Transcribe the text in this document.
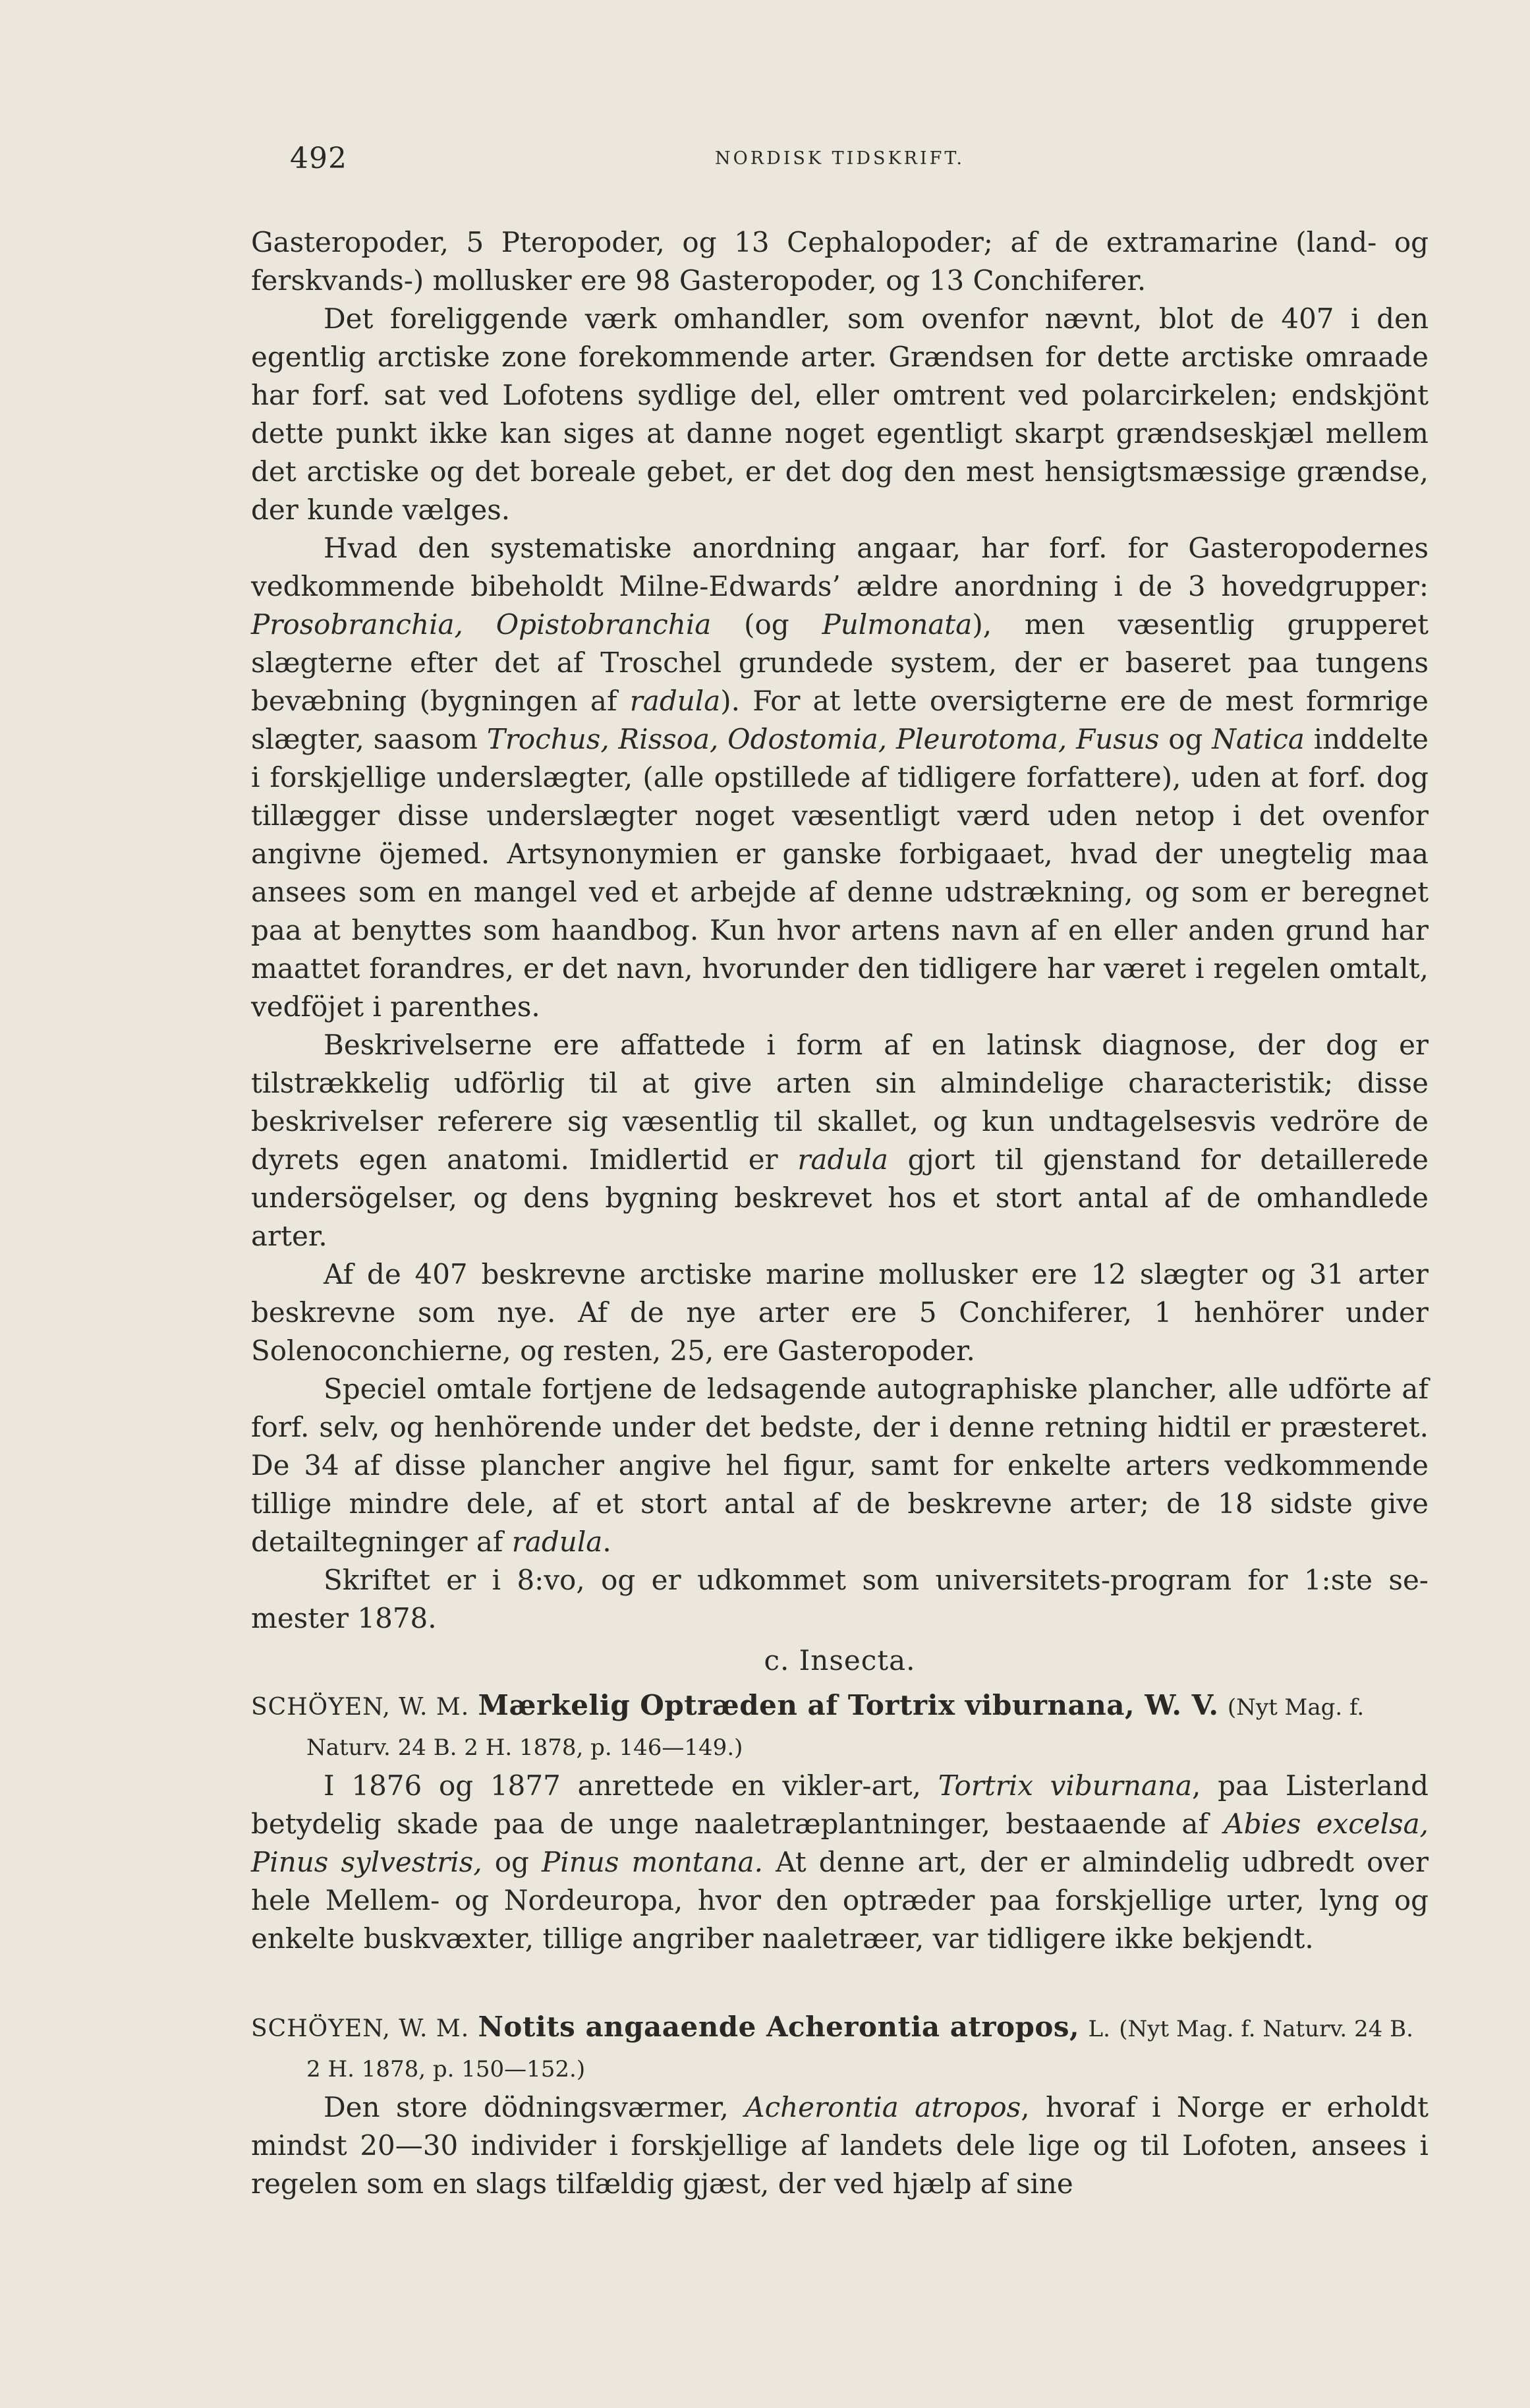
492	NORDISK TIDSKRIFT.

Gasteropoder, 5 Pteropoder, og 13 Cephalopoder; af de extramarine (land- og ferskvands-) mollusker ere 98 Gasteropoder, og 13 Conchiferer.

Det foreliggende værk omhandler, som ovenfor nævnt, blot de 407 i den egentlig arctiske zone forekommende arter. Grændsen for dette arctiske omraade har forf. sat ved Lofotens sydlige del, eller omtrent ved polarcirkelen; endskjönt dette punkt ikke kan siges at danne noget egentligt skarpt grændseskjæl mellem det arctiske og det boreale gebet, er det dog den mest hensigtsmæssige grændse, der kunde vælges.

Hvad den systematiske anordning angaar, har forf. for Gasteropodernes vedkommende bibeholdt Milne-Edwards’ ældre anordning i de 3 hovedgrupper: Prosobranchia, Opistobranchia (og Pulmonata), men væsentlig grupperet slægterne efter det af Troschel grundede system, der er baseret paa tungens bevæbning (bygningen af radula). For at lette oversigterne ere de mest formrige slægter, saasom Trochus, Rissoa, Odostomia, Pleurotoma, Fusus og Natica inddelte i forskjellige underslægter, (alle opstillede af tidligere forfattere), uden at forf. dog tillægger disse underslægter noget væsentligt værd uden netop i det ovenfor angivne öjemed. Artsynonymien er ganske forbigaaet, hvad der unegtelig maa ansees som en mangel ved et arbejde af denne udstrækning, og som er beregnet paa at benyttes som haandbog. Kun hvor artens navn af en eller anden grund har maattet forandres, er det navn, hvorunder den tidligere har været i regelen omtalt, vedföjet i parenthes.

Beskrivelserne ere affattede i form af en latinsk diagnose, der dog er tilstrækkelig udförlig til at give arten sin almindelige characteristik; disse beskrivelser referere sig væsentlig til skallet, og kun undtagelsesvis vedröre de dyrets egen anatomi. Imidlertid er radula gjort til gjenstand for detaillerede undersögelser, og dens bygning beskrevet hos et stort antal af de omhandlede arter.

Af de 407 beskrevne arctiske marine mollusker ere 12 slægter og 31 arter beskrevne som nye. Af de nye arter ere 5 Conchiferer, 1 henhörer under Solenoconchierne, og resten, 25, ere Gasteropoder.

Speciel omtale fortjene de ledsagende autographiske plancher, alle udförte af forf. selv, og henhörende under det bedste, der i denne retning hidtil er præsteret. De 34 af disse plancher angive hel figur, samt for enkelte arters vedkommende tillige mindre dele, af et stort antal af de beskrevne arter; de 18 sidste give detailtegninger af radula.

Skriftet er i 8:vo, og er udkommet som universitets-program for 1:ste semester 1878.

c. Insecta.

SCHÖYEN, W. M. Mærkelig Optræden af Tortrix viburnana, W. V. (Nyt Mag. f. Naturv. 24 B. 2 H. 1878, p. 146—149.)

I 1876 og 1877 anrettede en vikler-art, Tortrix viburnana, paa Listerland betydelig skade paa de unge naaletræplantninger, bestaaende af Abies excelsa, Pinus sylvestris, og Pinus montana. At denne art, der er almindelig udbredt over hele Mellem- og Nordeuropa, hvor den optræder paa forskjellige urter, lyng og enkelte buskvæxter, tillige angriber naaletræer, var tidligere ikke bekjendt.

SCHÖYEN, W. M. Notits angaaende Acherontia atropos, L. (Nyt Mag. f. Naturv. 24 B. 2 H. 1878, p. 150—152.)

Den store dödningsværmer, Acherontia atropos, hvoraf i Norge er erholdt mindst 20—30 individer i forskjellige af landets dele lige og til Lofoten, ansees i regelen som en slags tilfældig gjæst, der ved hjælp af sine
